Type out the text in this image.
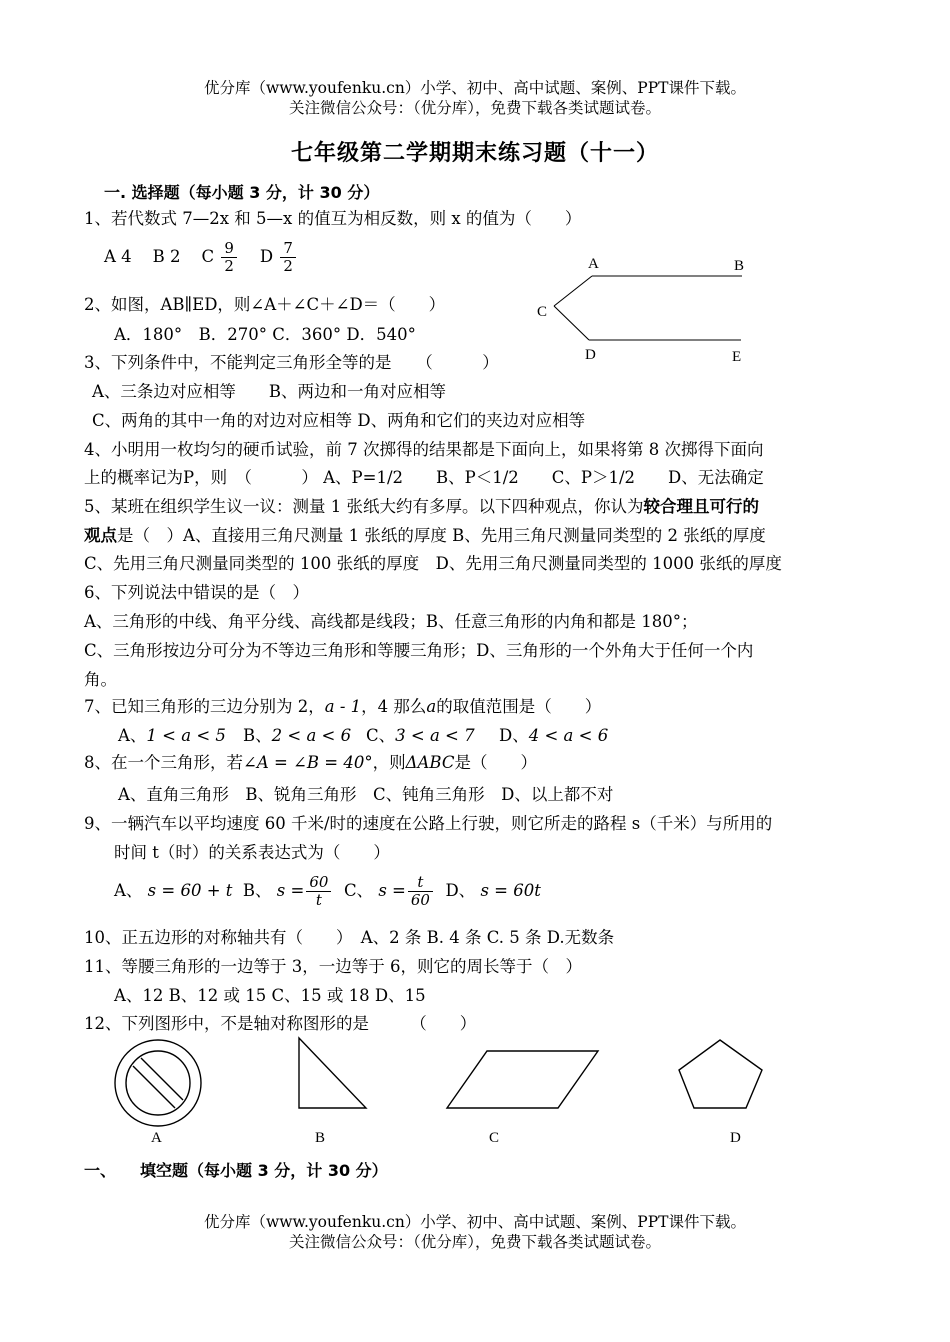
优分库（www.youfenku.cn）小学、初中、高中试题、案例、PPT课件下载。
关注微信公众号：（优分库），免费下载各类试题试卷。
七年级第二学期期末练习题（十一）
一. 选择题（每小题 3 分，计 30 分）
1、若代数式 7—2x 和 5—x 的值互为相反数，则 x 的值为（　　）
A 4 B 2 C $\frac{9}{2}$ D $\frac{7}{2}$	A	B
C
D	E
2、如图，AB∥ED，则∠A＋∠C＋∠D＝（　　）
A．180°　B．270° C．360° D．540°
3、下列条件中，不能判定三角形全等的是　　（　　　）
A、三条边对应相等　　B、两边和一角对应相等
C、两角的其中一角的对边对应相等 D、两角和它们的夹边对应相等
4、小明用一枚均匀的硬币试验，前 7 次掷得的结果都是下面向上，如果将第 8 次掷得下面向
上的概率记为P，则　（　　　） A、P=1/2　　B、P＜1/2　　C、P＞1/2　　D、无法确定
5、某班在组织学生议一议：测量 1 张纸大约有多厚。以下四种观点，你认为较合理且可行的
观点是（　）A、直接用三角尺测量 1 张纸的厚度 B、先用三角尺测量同类型的 2 张纸的厚度
C、先用三角尺测量同类型的 100 张纸的厚度　D、先用三角尺测量同类型的 1000 张纸的厚度
6、下列说法中错误的是（　）
A、三角形的中线、角平分线、高线都是线段；B、任意三角形的内角和都是 180°；
C、三角形按边分可分为不等边三角形和等腰三角形；D、三角形的一个外角大于任何一个内
角。
7、已知三角形的三边分别为 2，a - 1，4 那么a的取值范围是（　　）
A、1 < a < 5 B、2 < a < 6 C、3 < a < 7 D、4 < a < 6
8、在一个三角形，若∠A = ∠B = 40°，则ΔABC是（　　）
A、直角三角形　B、锐角三角形　C、钝角三角形　D、以上都不对
9、一辆汽车以平均速度 60 千米/时的速度在公路上行驶，则它所走的路程 s（千米）与所用的
时间 t（时）的关系表达式为（　　）
A、 s = 60 + t B、 $s = \frac{60}{t}$ C、 $s = \frac{t}{60}$ D、 s = 60t
10、正五边形的对称轴共有（　　）　A、2 条 B. 4 条 C. 5 条 D.无数条
11、等腰三角形的一边等于 3，一边等于 6，则它的周长等于（　）
A、12 B、12 或 15 C、15 或 18 D、15
12、下列图形中，不是轴对称图形的是　　　（　　）
A	B	C	D
一、　　填空题（每小题 3 分，计 30 分）
优分库（www.youfenku.cn）小学、初中、高中试题、案例、PPT课件下载。
关注微信公众号：（优分库），免费下载各类试题试卷。
